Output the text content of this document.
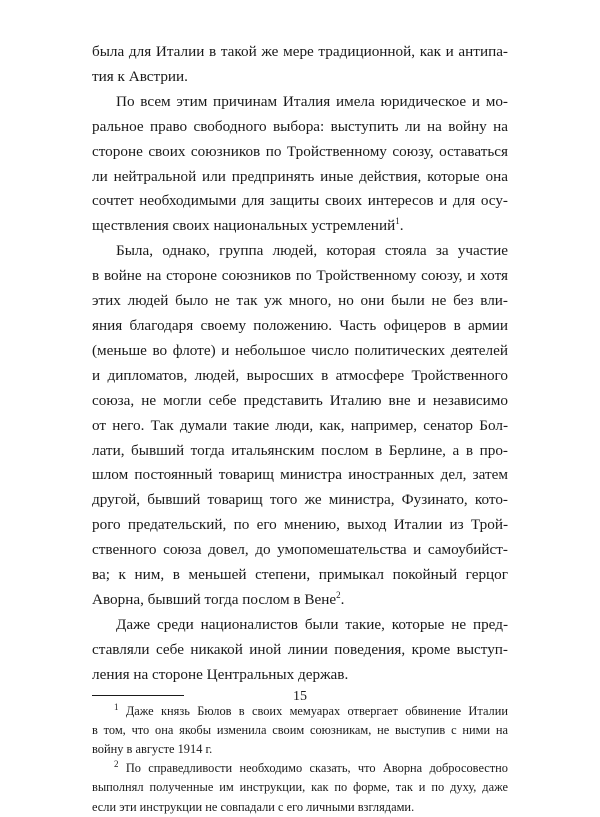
была для Италии в такой же мере традиционной, как и антипа-
тия к Австрии.

По всем этим причинам Италия имела юридическое и мо-
ральное право свободного выбора: выступить ли на войну на
стороне своих союзников по Тройственному союзу, оставаться
ли нейтральной или предпринять иные действия, которые она
сочтет необходимыми для защиты своих интересов и для осу-
ществления своих национальных устремлений$^1$.

Была, однако, группа людей, которая стояла за участие
в войне на стороне союзников по Тройственному союзу, и хотя
этих людей было не так уж много, но они были не без вли-
яния благодаря своему положению. Часть офицеров в армии
(меньше во флоте) и небольшое число политических деятелей
и дипломатов, людей, выросших в атмосфере Тройственного
союза, не могли себе представить Италию вне и независимо
от него. Так думали такие люди, как, например, сенатор Бол-
лати, бывший тогда итальянским послом в Берлине, а в про-
шлом постоянный товарищ министра иностранных дел, затем
другой, бывший товарищ того же министра, Фузинато, кото-
рого предательский, по его мнению, выход Италии из Трой-
ственного союза довел, до умопомешательства и самоубийст-
ва; к ним, в меньшей степени, примыкал покойный герцог
Аворна, бывший тогда послом в Вене$^2$.

Даже среди националистов были такие, которые не пред-
ставляли себе никакой иной линии поведения, кроме выступ-
ления на стороне Центральных держав.

$^1$ Даже князь Бюлов в своих мемуарах отвергает обвинение Италии
в том, что она якобы изменила своим союзникам, не выступив с ними на
войну в августе 1914 г.

$^2$ По справедливости необходимо сказать, что Аворна добросовестно
выполнял полученные им инструкции, как по форме, так и по духу, даже
если эти инструкции не совпадали с его личными взглядами.

15
